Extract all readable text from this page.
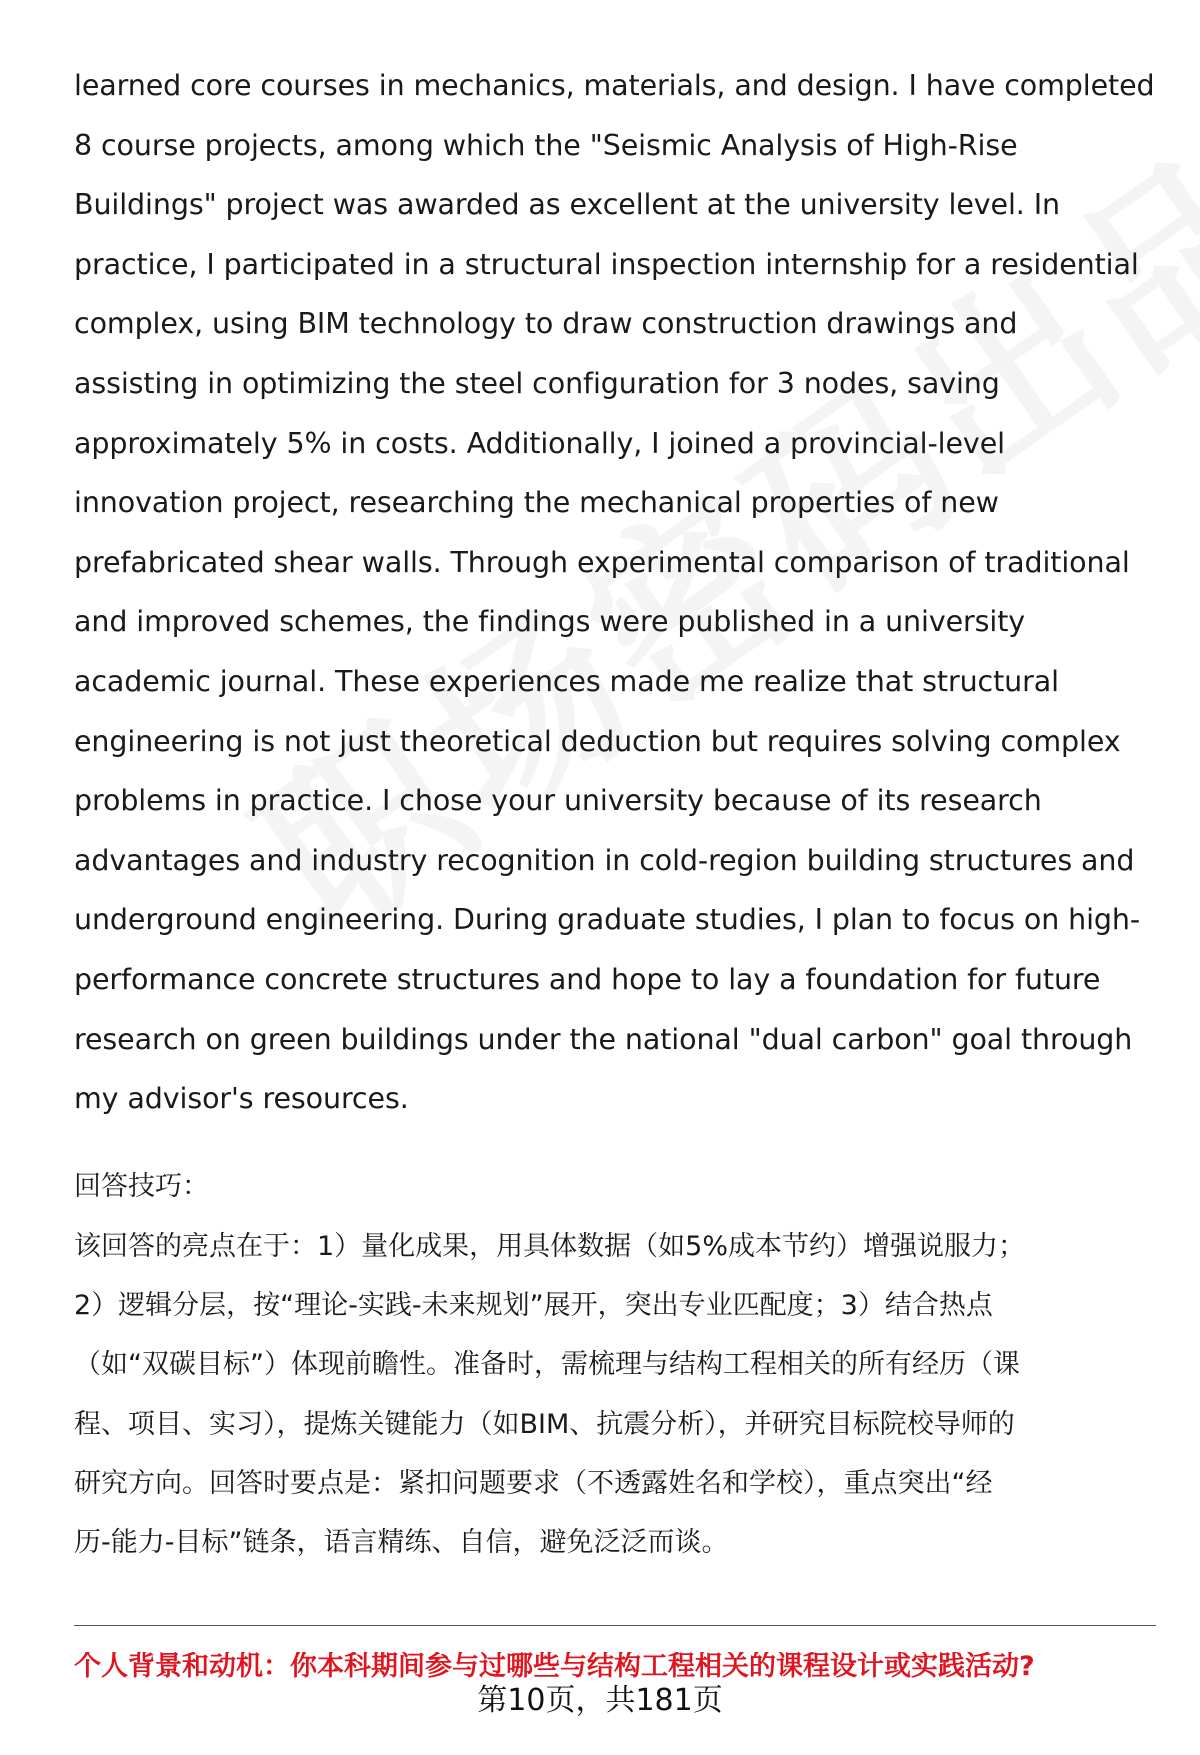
learned core courses in mechanics, materials, and design. I have completed
8 course projects, among which the "Seismic Analysis of High-Rise
Buildings" project was awarded as excellent at the university level. In
practice, I participated in a structural inspection internship for a residential
complex, using BIM technology to draw construction drawings and
assisting in optimizing the steel configuration for 3 nodes, saving
approximately 5% in costs. Additionally, I joined a provincial-level
innovation project, researching the mechanical properties of new
prefabricated shear walls. Through experimental comparison of traditional
and improved schemes, the findings were published in a university
academic journal. These experiences made me realize that structural
engineering is not just theoretical deduction but requires solving complex
problems in practice. I chose your university because of its research
advantages and industry recognition in cold-region building structures and
underground engineering. During graduate studies, I plan to focus on high-
performance concrete structures and hope to lay a foundation for future
research on green buildings under the national "dual carbon" goal through
my advisor's resources.
回答技巧：
该回答的亮点在于：1）量化成果，用具体数据（如5%成本节约）增强说服力；
2）逻辑分层，按“理论-实践-未来规划”展开，突出专业匹配度；3）结合热点
（如“双碳目标”）体现前瞻性。准备时，需梳理与结构工程相关的所有经历（课
程、项目、实习），提炼关键能力（如BIM、抗震分析），并研究目标院校导师的
研究方向。回答时要点是：紧扣问题要求（不透露姓名和学校），重点突出“经
历-能力-目标”链条，语言精练、自信，避免泛泛而谈。
个人背景和动机：你本科期间参与过哪些与结构工程相关的课程设计或实践活动?
第10页，共181页
